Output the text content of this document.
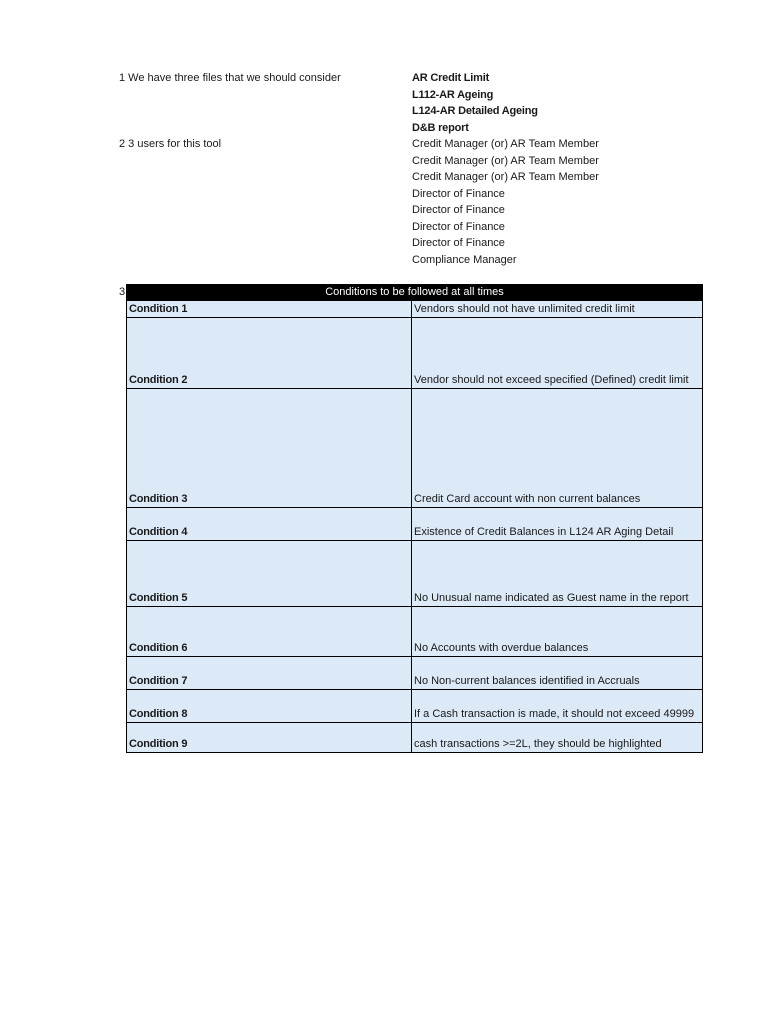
1 We have three files that we should consider	AR Credit Limit
L112-AR Ageing
L124-AR Detailed Ageing
D&B report
2 3 users for this tool	Credit Manager (or) AR Team Member
Credit Manager (or) AR Team Member
Credit Manager (or) AR Team Member
Director of Finance
Director of Finance
Director of Finance
Director of Finance
Compliance Manager
3	Conditions to be followed at all times
Condition 1	Vendors should not have unlimited credit limit
Condition 2	Vendor should not exceed specified (Defined) credit limit
Condition 3	Credit Card account with non current balances
Condition 4	Existence of Credit Balances in L124 AR Aging Detail
Condition 5	No Unusual name indicated as Guest name in the report
Condition 6	No Accounts with overdue balances
Condition 7	No Non-current balances identified in Accruals
Condition 8	If a Cash transaction is made, it should not exceed 49999
Condition 9	cash transactions >=2L, they should be highlighted
